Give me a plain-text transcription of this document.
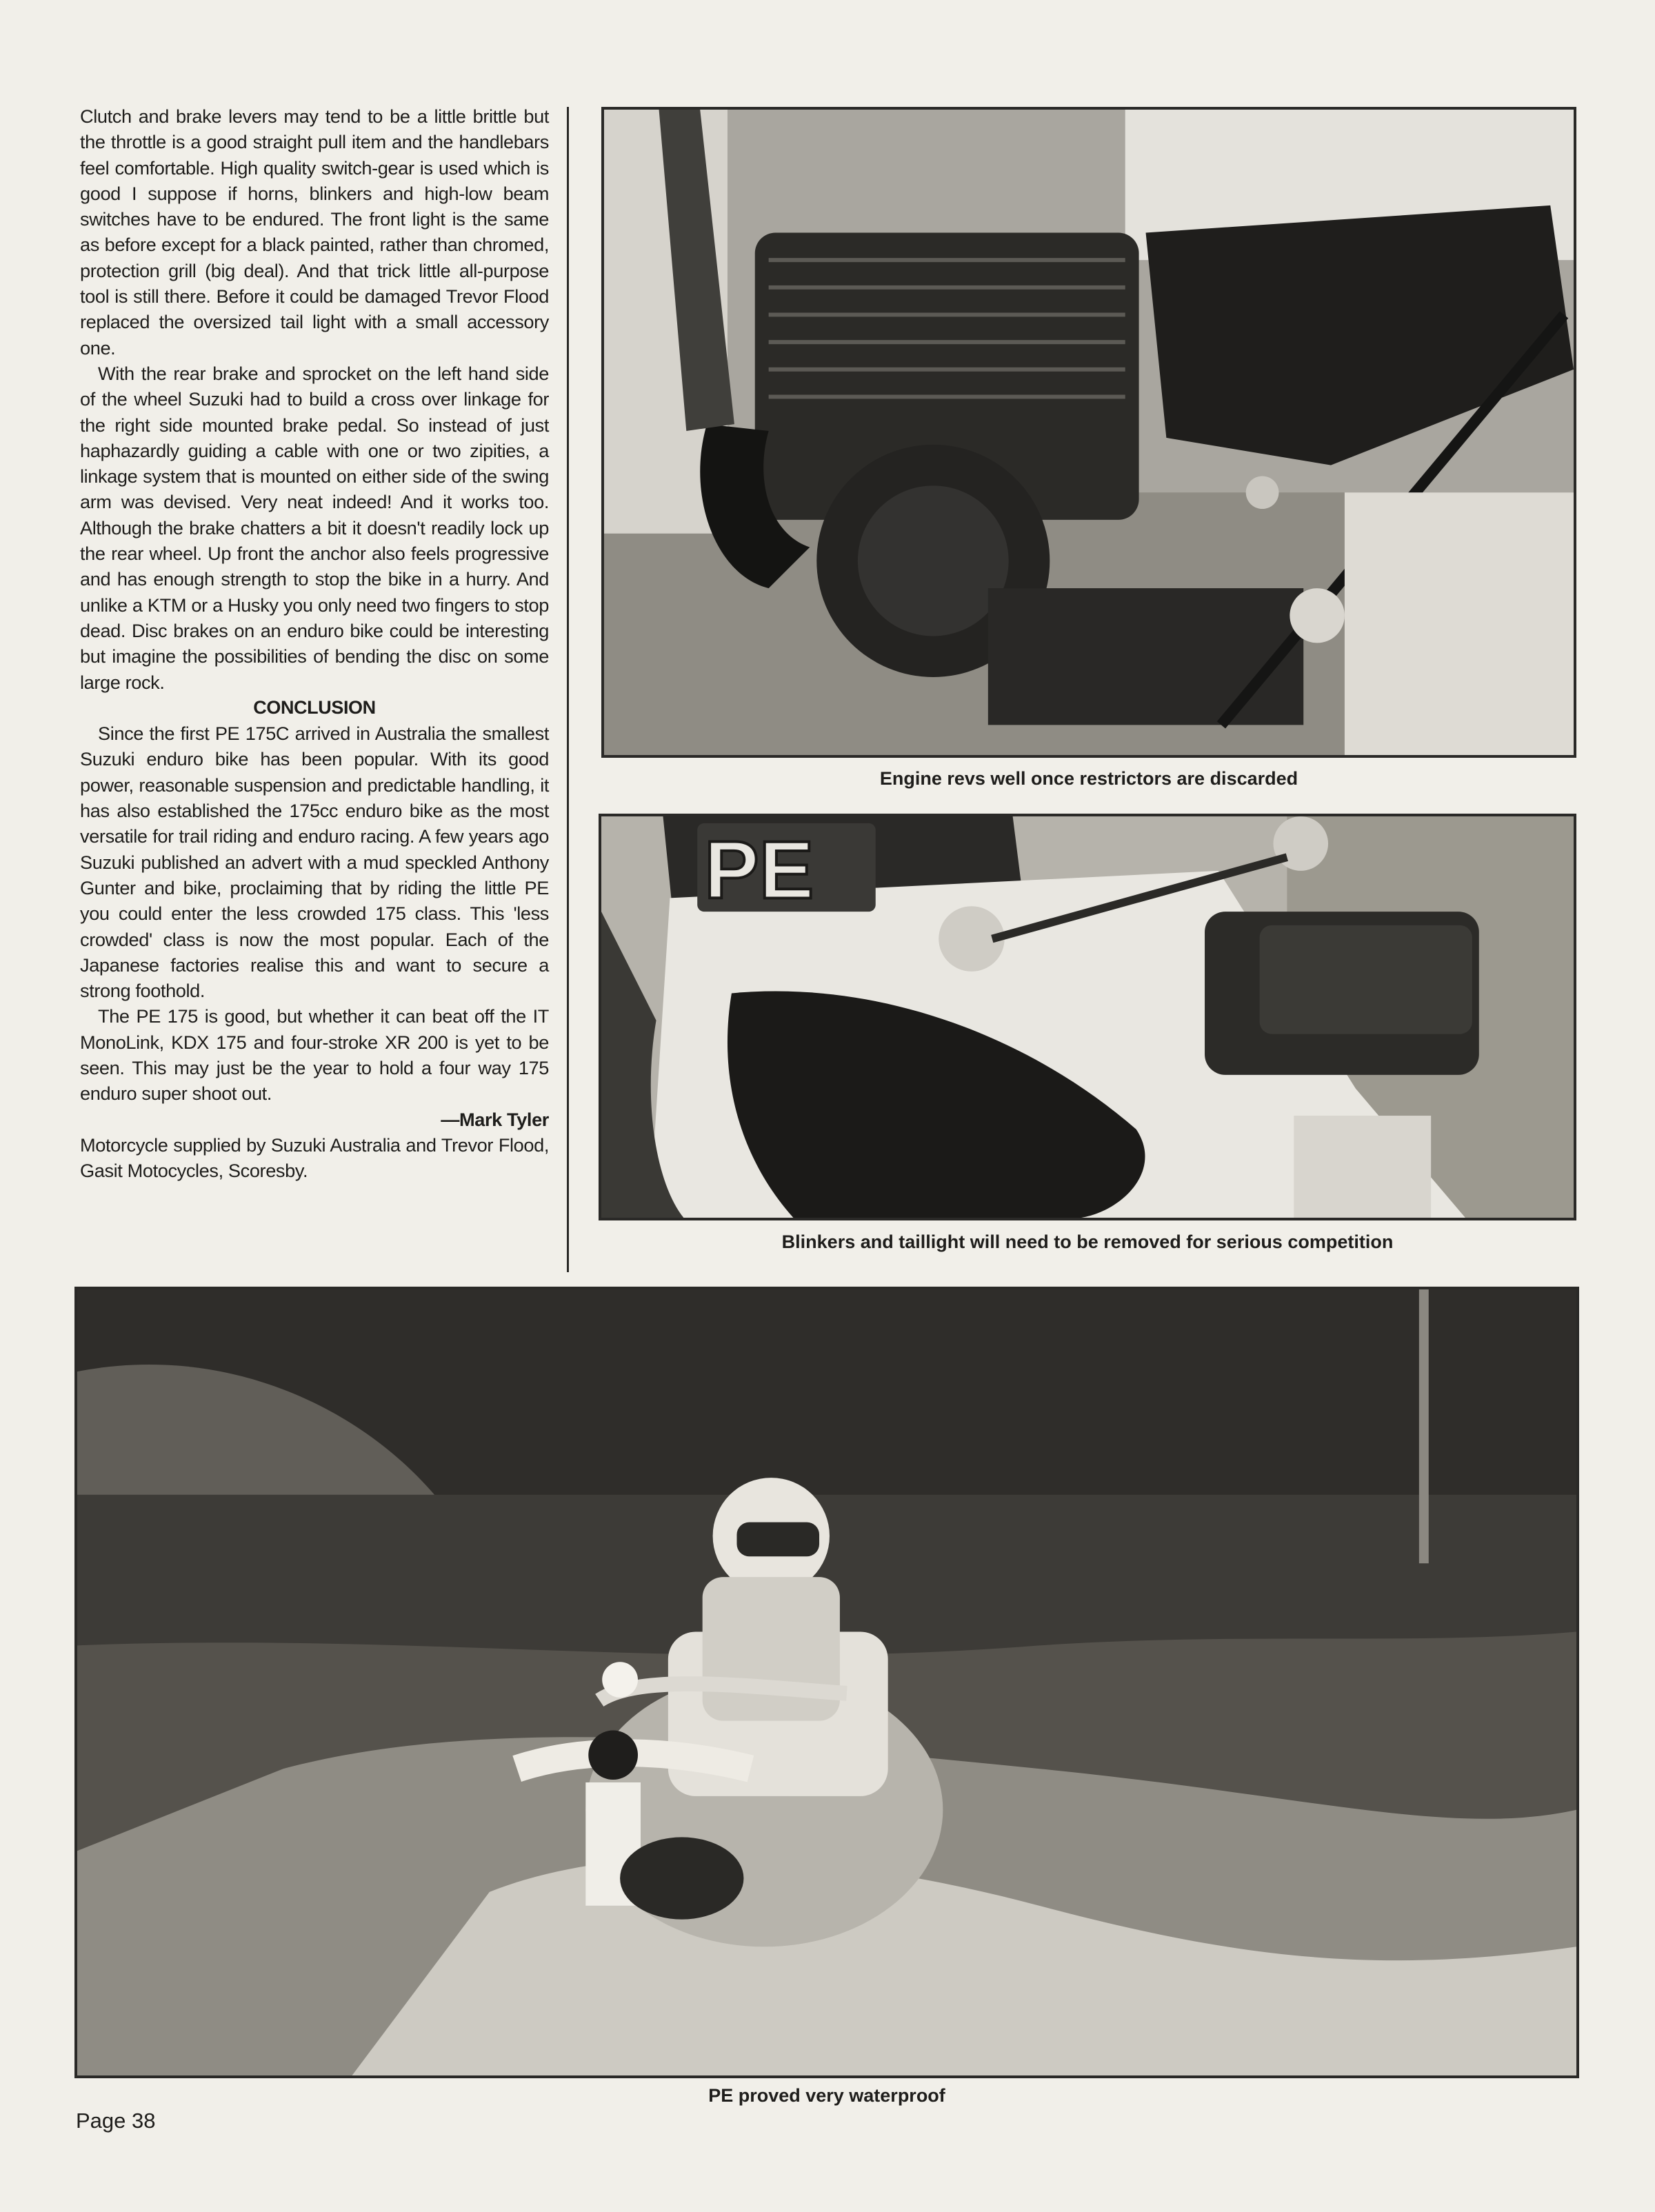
Clutch and brake levers may tend to be a little brittle but the throttle is a good straight pull item and the handlebars feel comfortable. High quality switch-gear is used which is good I suppose if horns, blinkers and high-low beam switches have to be endured. The front light is the same as before except for a black painted, rather than chromed, protection grill (big deal). And that trick little all-purpose tool is still there. Before it could be damaged Trevor Flood replaced the oversized tail light with a small accessory one.

With the rear brake and sprocket on the left hand side of the wheel Suzuki had to build a cross over linkage for the right side mounted brake pedal. So instead of just haphazardly guiding a cable with one or two zipities, a linkage system that is mounted on either side of the swing arm was devised. Very neat indeed! And it works too. Although the brake chatters a bit it doesn't readily lock up the rear wheel. Up front the anchor also feels progressive and has enough strength to stop the bike in a hurry. And unlike a KTM or a Husky you only need two fingers to stop dead. Disc brakes on an enduro bike could be interesting but imagine the possibilities of bending the disc on some large rock.

CONCLUSION

Since the first PE 175C arrived in Australia the smallest Suzuki enduro bike has been popular. With its good power, reasonable suspension and predictable handling, it has also established the 175cc enduro bike as the most versatile for trail riding and enduro racing. A few years ago Suzuki published an advert with a mud speckled Anthony Gunter and bike, proclaiming that by riding the little PE you could enter the less crowded 175 class. This 'less crowded' class is now the most popular. Each of the Japanese factories realise this and want to secure a strong foothold.

The PE 175 is good, but whether it can beat off the IT MonoLink, KDX 175 and four-stroke XR 200 is yet to be seen. This may just be the year to hold a four way 175 enduro super shoot out.

—Mark Tyler

Motorcycle supplied by Suzuki Australia and Trevor Flood, Gasit Motocycles, Scoresby.

Engine revs well once restrictors are discarded
PE
Blinkers and taillight will need to be removed for serious competition
PE proved very waterproof
Page 38
